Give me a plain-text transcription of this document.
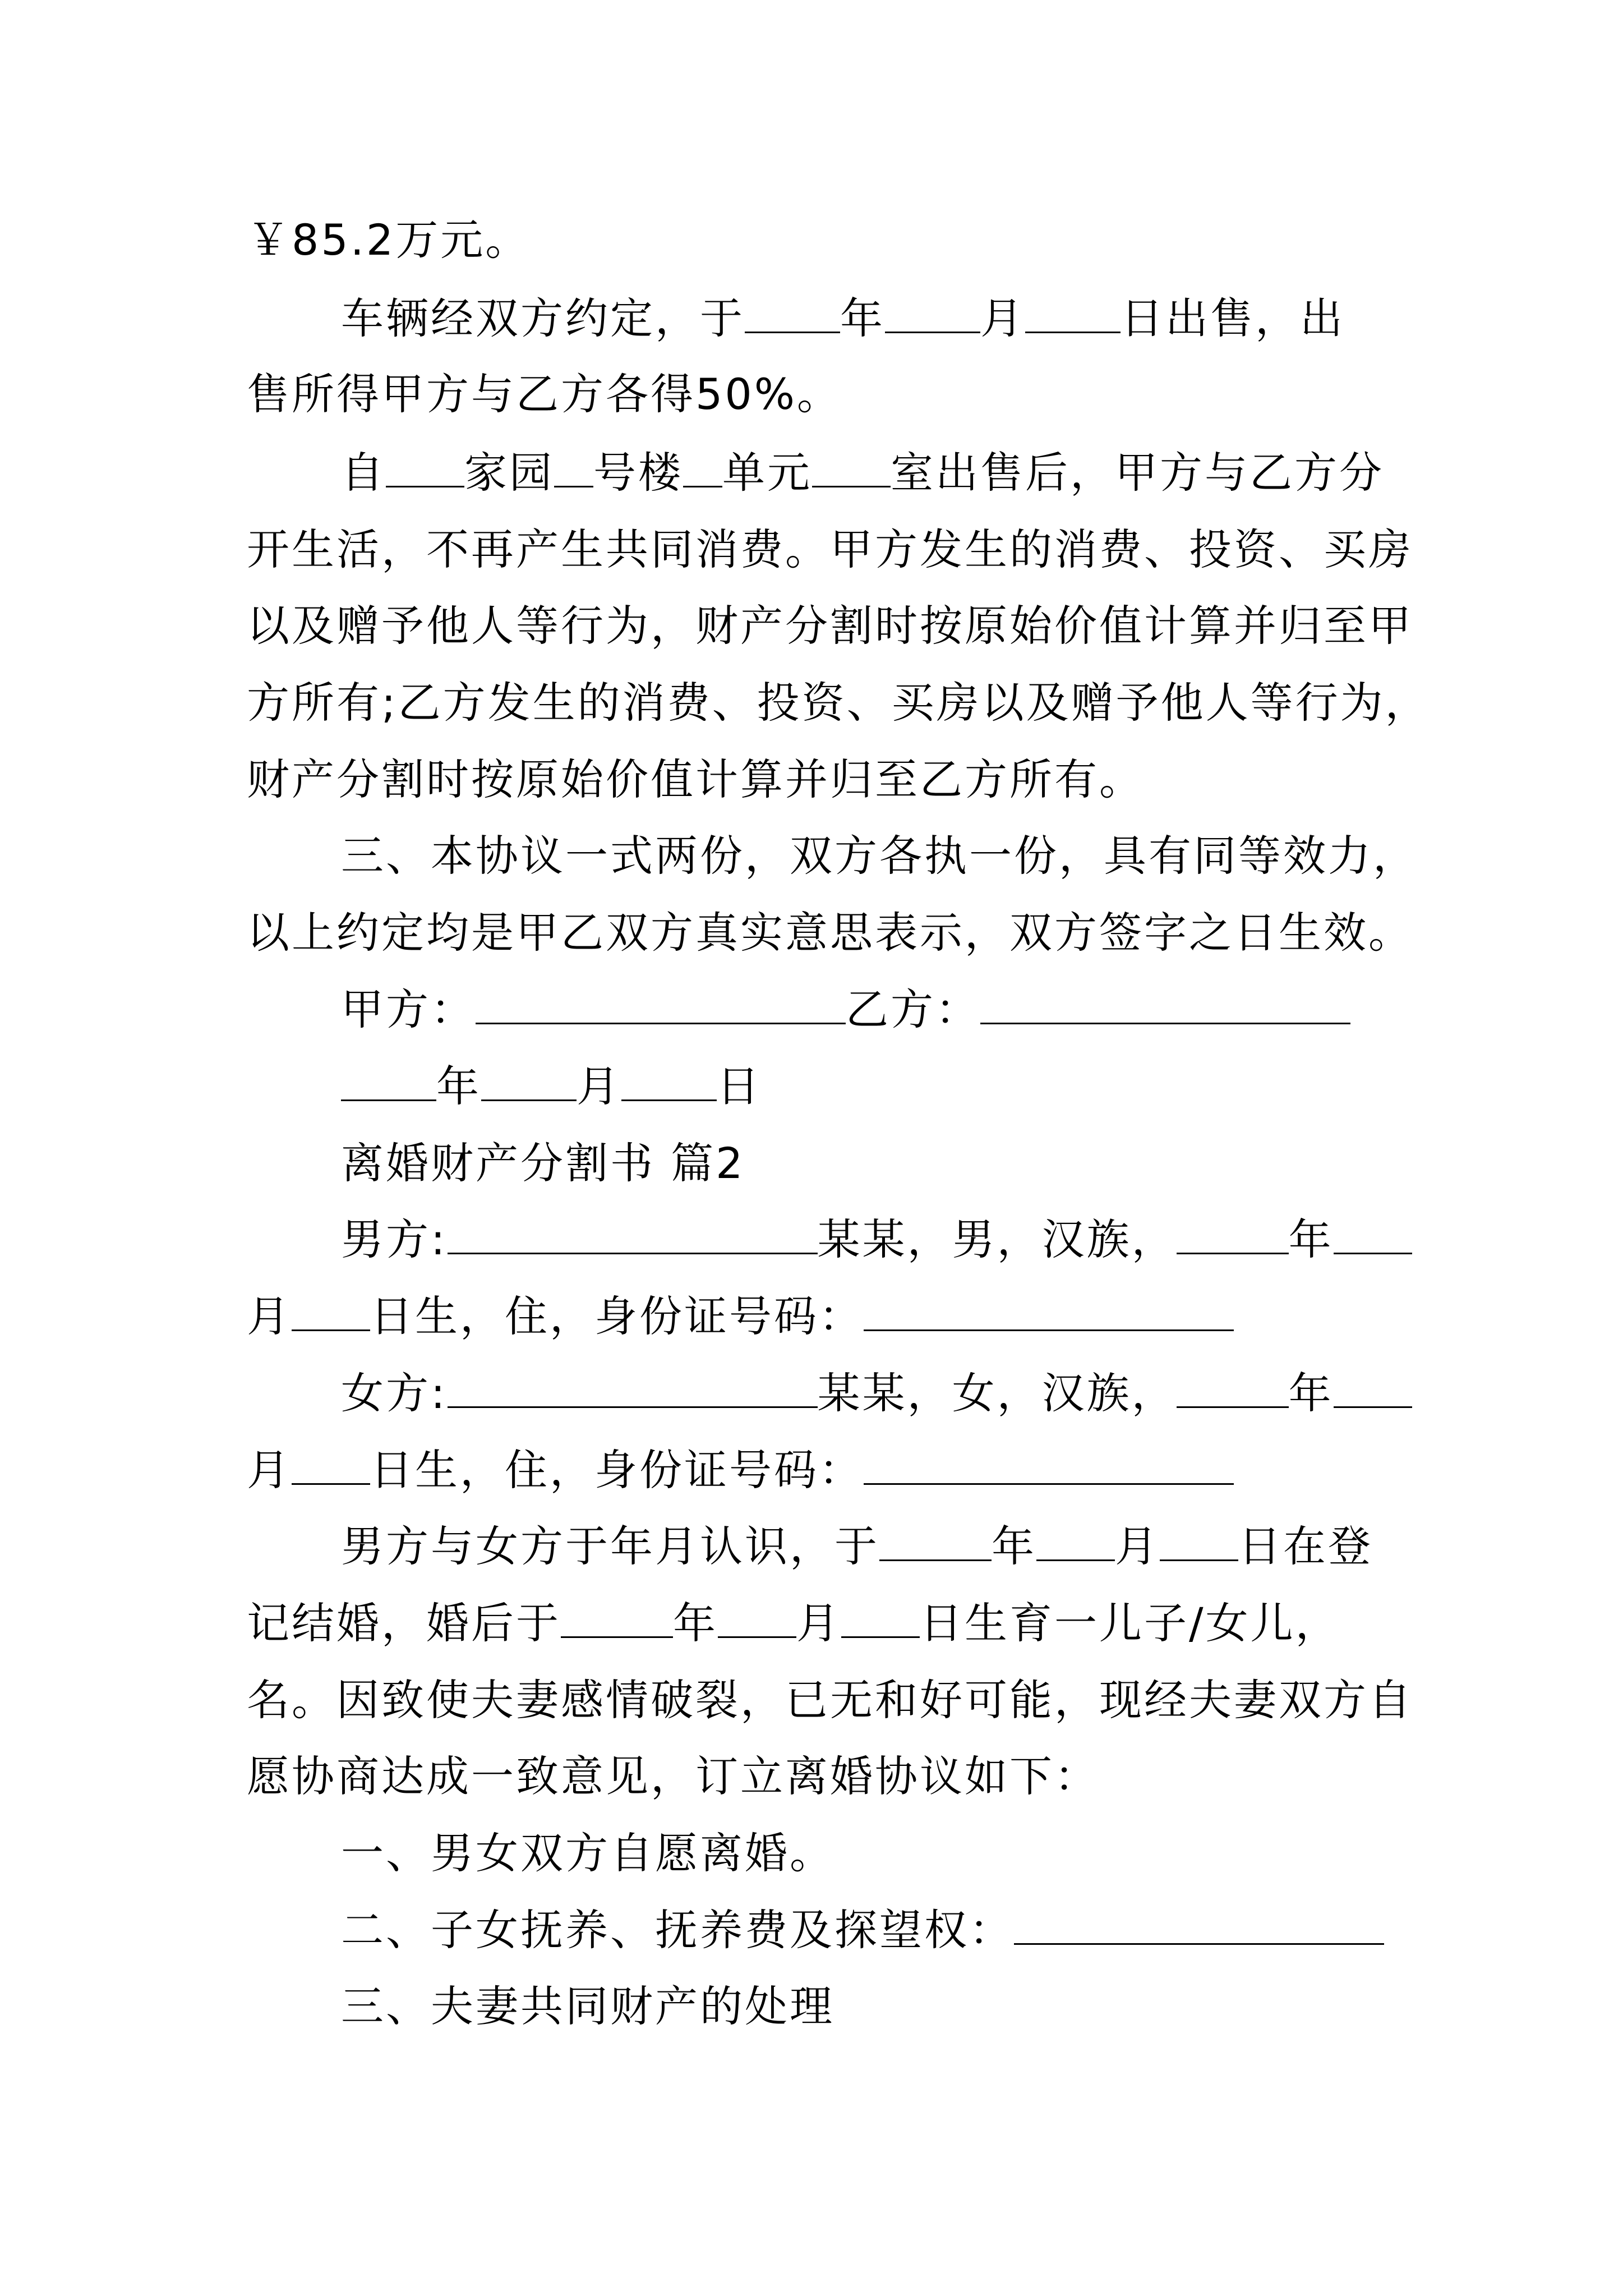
￥85.2万元。
车辆经双方约定，于 年 月 日出售，出
售所得甲方与乙方各得50%。
自 家园 号楼 单元 室出售后，甲方与乙方分
开生活，不再产生共同消费。甲方发生的消费、投资、买房
以及赠予他人等行为，财产分割时按原始价值计算并归至甲
方所有;乙方发生的消费、投资、买房以及赠予他人等行为，
财产分割时按原始价值计算并归至乙方所有。
三、本协议一式两份，双方各执一份，具有同等效力，
以上约定均是甲乙双方真实意思表示，双方签字之日生效。
甲方：	乙方：
年 月 日
离婚财产分割书 篇2
男方:	某某，男，汉族，	年
月 日生，住，身份证号码：
女方:	某某，女，汉族，	年
月 日生，住，身份证号码：
男方与女方于年月认识，于	年 月 日在登
记结婚，婚后于	年 月 日生育一儿子/女儿，
名。因致使夫妻感情破裂，已无和好可能，现经夫妻双方自
愿协商达成一致意见，订立离婚协议如下：
一、男女双方自愿离婚。
二、子女抚养、抚养费及探望权：
三、夫妻共同财产的处理
